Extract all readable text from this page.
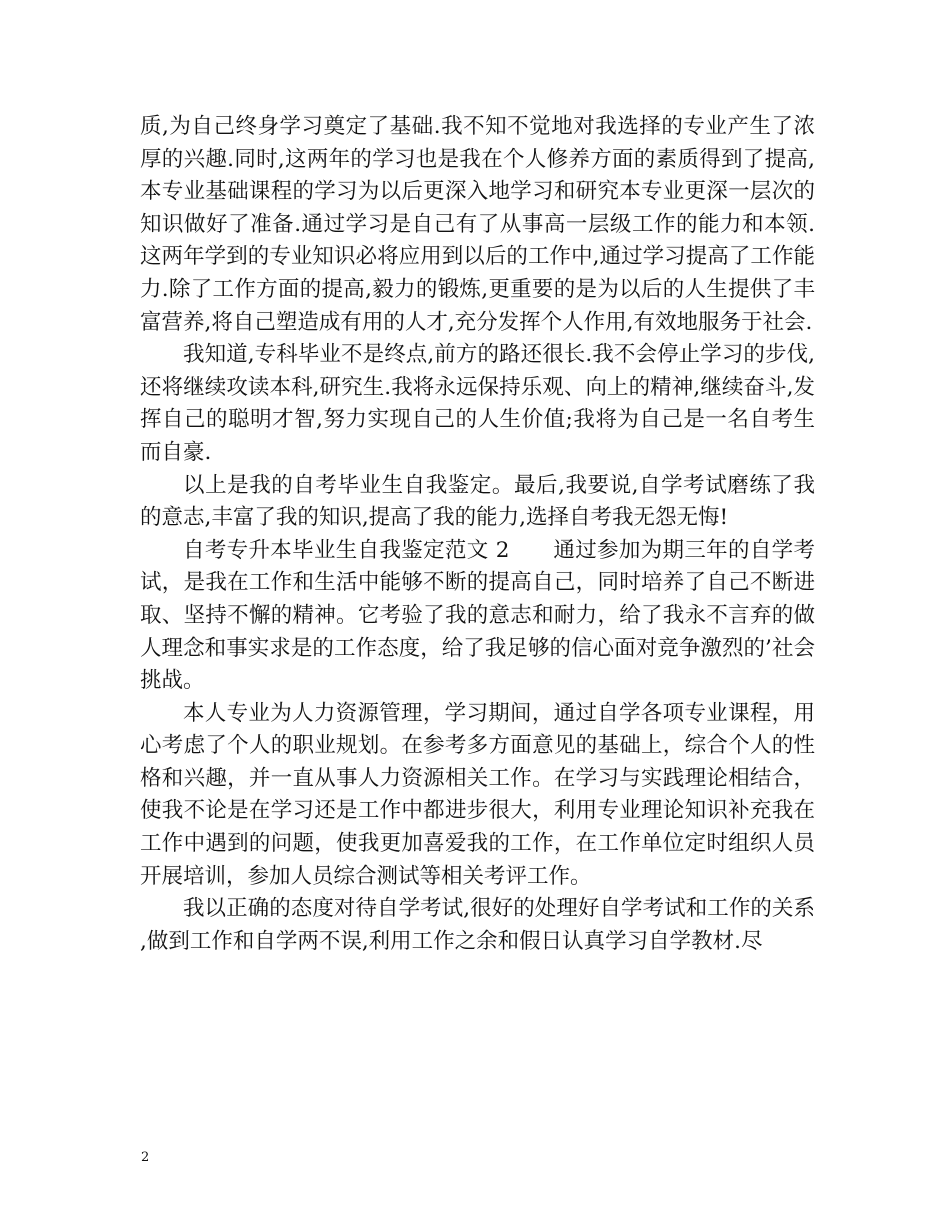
质,为自己终身学习奠定了基础.我不知不觉地对我选择的专业产生了浓厚的兴趣.同时,这两年的学习也是我在个人修养方面的素质得到了提高,本专业基础课程的学习为以后更深入地学习和研究本专业更深一层次的知识做好了准备.通过学习是自己有了从事高一层级工作的能力和本领.这两年学到的专业知识必将应用到以后的工作中,通过学习提高了工作能力.除了工作方面的提高,毅力的锻炼,更重要的是为以后的人生提供了丰富营养,将自己塑造成有用的人才,充分发挥个人作用,有效地服务于社会.

我知道,专科毕业不是终点,前方的路还很长.我不会停止学习的步伐,还将继续攻读本科,研究生.我将永远保持乐观、向上的精神,继续奋斗,发挥自己的聪明才智,努力实现自己的人生价值;我将为自己是一名自考生而自豪.

以上是我的自考毕业生自我鉴定。最后,我要说,自学考试磨练了我的意志,丰富了我的知识,提高了我的能力,选择自考我无怨无悔!

自考专升本毕业生自我鉴定范文 2　　通过参加为期三年的自学考试，是我在工作和生活中能够不断的提高自己，同时培养了自己不断进取、坚持不懈的精神。它考验了我的意志和耐力，给了我永不言弃的做人理念和事实求是的工作态度，给了我足够的信心面对竞争激烈的’社会挑战。

本人专业为人力资源管理，学习期间，通过自学各项专业课程，用心考虑了个人的职业规划。在参考多方面意见的基础上，综合个人的性格和兴趣，并一直从事人力资源相关工作。在学习与实践理论相结合，使我不论是在学习还是工作中都进步很大，利用专业理论知识补充我在工作中遇到的问题，使我更加喜爱我的工作，在工作单位定时组织人员开展培训，参加人员综合测试等相关考评工作。

我以正确的态度对待自学考试,很好的处理好自学考试和工作的关系,做到工作和自学两不误,利用工作之余和假日认真学习自学教材.尽

2
